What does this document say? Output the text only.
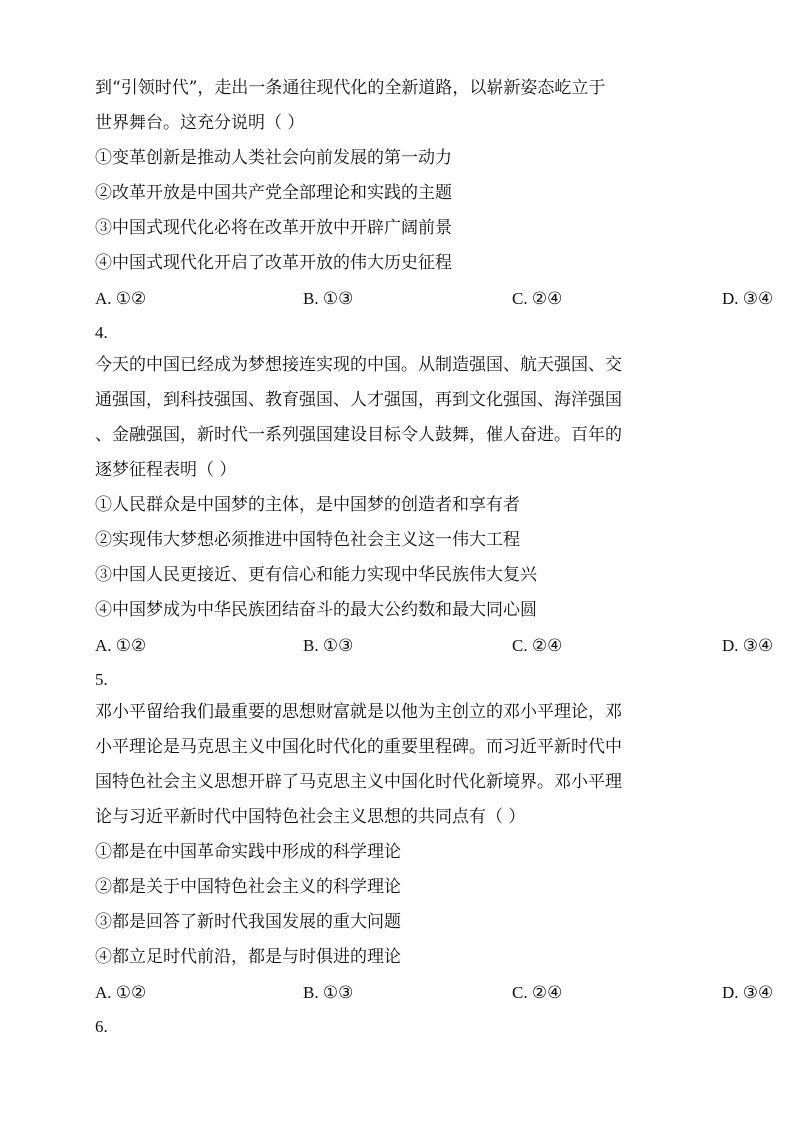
到“引领时代”，走出一条通往现代化的全新道路，以崭新姿态屹立于
世界舞台。这充分说明（ ）
①变革创新是推动人类社会向前发展的第一动力
②改革开放是中国共产党全部理论和实践的主题
③中国式现代化必将在改革开放中开辟广阔前景
④中国式现代化开启了改革开放的伟大历史征程
A. ①②	B. ①③	C. ②④	D. ③④
4.
今天的中国已经成为梦想接连实现的中国。从制造强国、航天强国、交
通强国，到科技强国、教育强国、人才强国，再到文化强国、海洋强国
、金融强国，新时代一系列强国建设目标令人鼓舞，催人奋进。百年的
逐梦征程表明（ ）
①人民群众是中国梦的主体，是中国梦的创造者和享有者
②实现伟大梦想必须推进中国特色社会主义这一伟大工程
③中国人民更接近、更有信心和能力实现中华民族伟大复兴
④中国梦成为中华民族团结奋斗的最大公约数和最大同心圆
A. ①②	B. ①③	C. ②④	D. ③④
5.
邓小平留给我们最重要的思想财富就是以他为主创立的邓小平理论，邓
小平理论是马克思主义中国化时代化的重要里程碑。而习近平新时代中
国特色社会主义思想开辟了马克思主义中国化时代化新境界。邓小平理
论与习近平新时代中国特色社会主义思想的共同点有（ ）
①都是在中国革命实践中形成的科学理论
②都是关于中国特色社会主义的科学理论
③都是回答了新时代我国发展的重大问题
④都立足时代前沿，都是与时俱进的理论
A. ①②	B. ①③	C. ②④	D. ③④
6.
